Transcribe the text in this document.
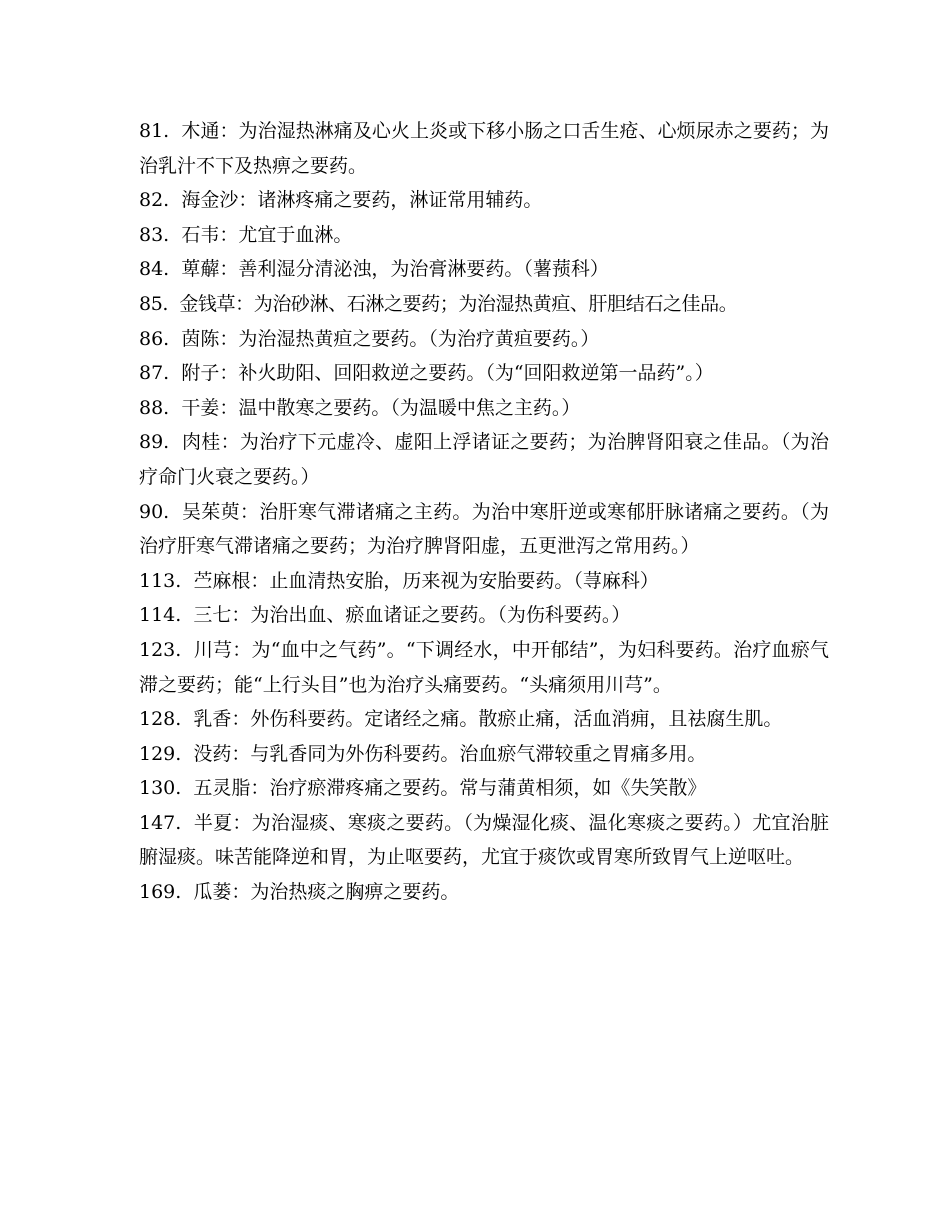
81. 木通：为治湿热淋痛及心火上炎或下移小肠之口舌生疮、心烦尿赤之要药；为治乳汁不下及热痹之要药。

82. 海金沙：诸淋疼痛之要药，淋证常用辅药。

83. 石韦：尤宜于血淋。

84. 萆薢：善利湿分清泌浊，为治膏淋要药。（薯蓣科）

85. 金钱草：为治砂淋、石淋之要药；为治湿热黄疸、肝胆结石之佳品。

86. 茵陈：为治湿热黄疸之要药。（为治疗黄疸要药。）

87. 附子：补火助阳、回阳救逆之要药。（为“回阳救逆第一品药”。）

88. 干姜：温中散寒之要药。（为温暖中焦之主药。）

89. 肉桂：为治疗下元虚冷、虚阳上浮诸证之要药；为治脾肾阳衰之佳品。（为治疗命门火衰之要药。）

90. 吴茱萸：治肝寒气滞诸痛之主药。为治中寒肝逆或寒郁肝脉诸痛之要药。（为治疗肝寒气滞诸痛之要药；为治疗脾肾阳虚，五更泄泻之常用药。）

113. 苎麻根：止血清热安胎，历来视为安胎要药。（荨麻科）

114. 三七：为治出血、瘀血诸证之要药。（为伤科要药。）

123. 川芎：为“血中之气药”。“下调经水，中开郁结”，为妇科要药。治疗血瘀气滞之要药；能“上行头目”也为治疗头痛要药。“头痛须用川芎”。

128. 乳香：外伤科要药。定诸经之痛。散瘀止痛，活血消痈，且祛腐生肌。

129. 没药：与乳香同为外伤科要药。治血瘀气滞较重之胃痛多用。

130. 五灵脂：治疗瘀滞疼痛之要药。常与蒲黄相须，如《失笑散》

147. 半夏：为治湿痰、寒痰之要药。（为燥湿化痰、温化寒痰之要药。）尤宜治脏腑湿痰。味苦能降逆和胃，为止呕要药，尤宜于痰饮或胃寒所致胃气上逆呕吐。

169. 瓜蒌：为治热痰之胸痹之要药。
